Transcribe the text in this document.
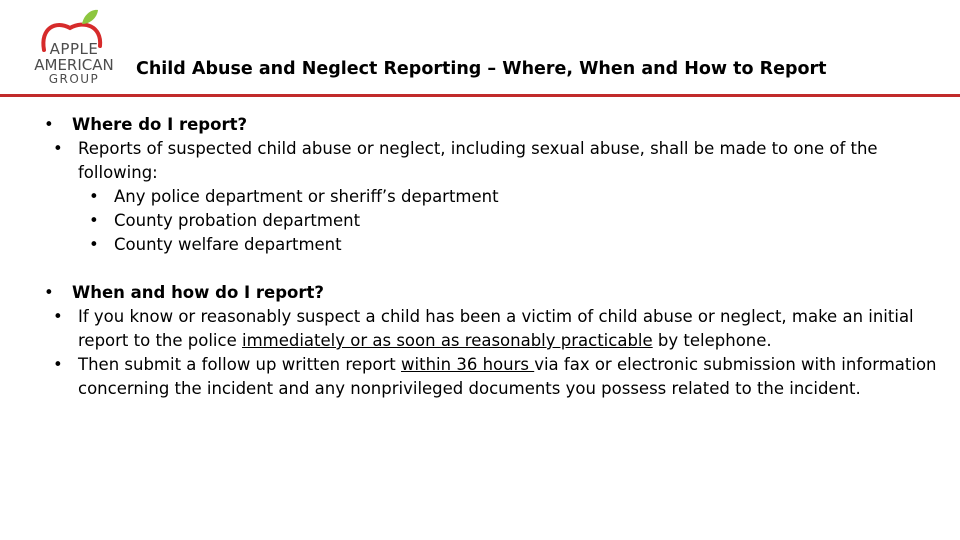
APPLE
AMERICAN
GROUP	Child Abuse and Neglect Reporting – Where, When and How to Report
• Where do I report?
• Reports of suspected child abuse or neglect, including sexual abuse, shall be made to one of the following:
• Any police department or sheriff’s department
• County probation department
• County welfare department
• When and how do I report?
• If you know or reasonably suspect a child has been a victim of child abuse or neglect, make an initial report to the police immediately or as soon as reasonably practicable by telephone.
• Then submit a follow up written report within 36 hours via fax or electronic submission with information concerning the incident and any nonprivileged documents you possess related to the incident.
